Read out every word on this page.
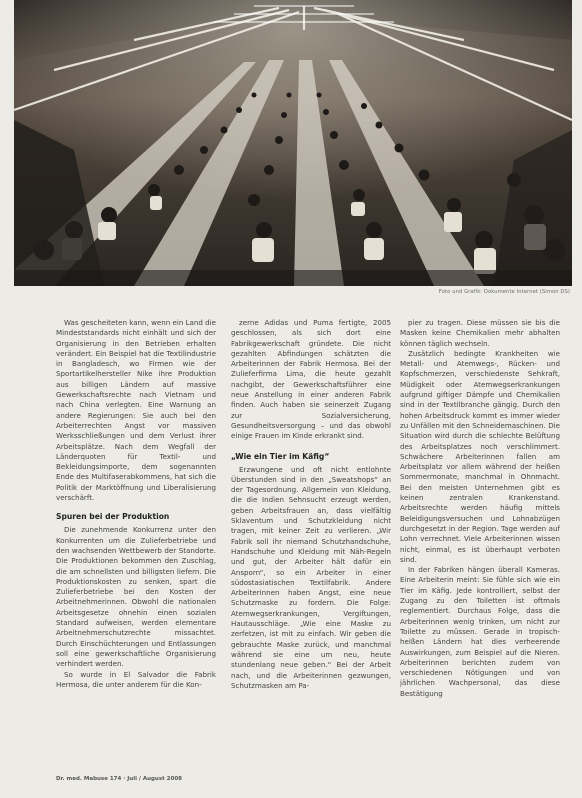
Foto und Grafik: Dokumente Internet (Simon DS)

Was gescheiteten kann, wenn ein Land die Mindeststandards nicht einhält und sich der Organisierung in den Betrieben erhalten verändert. Ein Beispiel hat die Textilindustrie in Bangladesch, wo Firmen wie der Sportartikelhersteller Nike ihre Produktion aus billigen Ländern auf massive Gewerkschaftsrechte nach Vietnam und nach China verlegten. Eine Warnung an andere Regierungen: Sie auch bei den Arbeiterrechten Angst vor massiven Werksschließungen und dem Verlust ihrer Arbeitsplätze. Nach dem Wegfall der Länderquoten für Textil- und Bekleidungsimporte, dem sogenannten Ende des Multifaserabkommens, hat sich die Politik der Marktöffnung und Liberalisierung verschärft.

Spuren bei der Produktion

Die zunehmende Konkurrenz unter den Konkurrenten um die Zulieferbetriebe und den wachsenden Wettbewerb der Standorte. Die Produktionen bekommen den Zuschlag, die am schnellsten und billigsten liefern. Die Produktionskosten zu senken, spart die Zulieferbetriebe bei den Kosten der Arbeitnehmerinnen. Obwohl die nationalen Arbeitsgesetze ohnehin einen sozialen Standard aufweisen, werden elementare Arbeitnehmerschutzrechte missachtet. Durch Einschüchterungen und Entlassungen soll eine gewerkschaftliche Organisierung verhindert werden.

So wurde in El Salvador die Fabrik Hermosa, die unter anderem für die Kon-

zerne Adidas und Puma fertigte, 2005 geschlossen, als sich dort eine Fabrikgewerkschaft gründete. Die nicht gezahlten Abfindungen schätzten die Arbeiterinnen der Fabrik Hermosa. Bei der Zulieferfirma Lima, die heute gezahlt nachgibt, der Gewerkschaftsführer eine neue Anstellung in einer anderen Fabrik finden. Auch haben sie seinerzeit Zugang zur Sozialversicherung, Gesundheitsversorgung – und das obwohl einige Frauen im Kinde erkrankt sind.

„Wie ein Tier im Käfig“

Erzwungene und oft nicht entlohnte Überstunden sind in den „Sweatshops“ an der Tagesordnung. Allgemein von Kleidung, die die Indien Sehnsucht erzeugt werden, geben Arbeitsfrauen an, dass vielfältig Sklaventum und Schutzkleidung nicht tragen, mit keiner Zeit zu verlieren. „Wir Fabrik soll ihr niemand Schutzhandschuhe, Handschuhe und Kleidung mit Näh-Regeln und gut, der Arbeiter hält dafür ein Ansporn“, so ein Arbeiter in einer südostasiatischen Textilfabrik. Andere Arbeiterinnen haben Angst, eine neue Schutzmaske zu fordern. Die Folge: Atemwegserkrankungen, Vergiftungen, Hautausschläge. „Wie eine Maske zu zerfetzen, ist mit zu einfach. Wir geben die gebrauchte Maske zurück, und manchmal während sie eine um neu, heute stundenlang neue geben.“ Bei der Arbeit nach, und die Arbeiterinnen gezwungen, Schutzmasken am Pa-

pier zu tragen. Diese müssen sie bis die Masken keine Chemikalien mehr abhalten können täglich wechseln.

Zusätzlich bedingte Krankheiten wie Metall- und Atemwegs-, Rücken- und Kopfschmerzen, verschiedenste Sehkraft, Müdigkeit oder Atemwegserkrankungen aufgrund giftiger Dämpfe und Chemikalien sind in der Textilbranche gängig. Durch den hohen Arbeitsdruck kommt es immer wieder zu Unfällen mit den Schneidemaschinen. Die Situation wird durch die schlechte Belüftung des Arbeitsplatzes noch verschlimmert. Schwächere Arbeiterinnen fallen am Arbeitsplatz vor allem während der heißen Sommermonate, manchmal in Ohnmacht. Bei den meisten Unternehmen gibt es keinen zentralen Krankenstand. Arbeitsrechte werden häufig mittels Beleidigungsversuchen und Lohnabzügen durchgesetzt in der Region. Tage werden auf Lohn verrechnet. Viele Arbeiterinnen wissen nicht, einmal, es ist überhaupt verboten sind.

In der Fabriken hängen überall Kameras. Eine Arbeiterin meint: Sie fühle sich wie ein Tier im Käfig. Jede kontrolliert, selbst der Zugang zu den Toiletten ist oftmals reglementiert. Durchaus Folge, dass die Arbeiterinnen wenig trinken, um nicht zur Toilette zu müssen. Gerade in tropisch-heißen Ländern hat dies verheerende Auswirkungen, zum Beispiel auf die Nieren. Arbeiterinnen berichten zudem von verschiedenen Nötigungen und von jährlichen Wachpersonal, das diese Bestätigung

Dr. med. Mabuse 174 · Juli / August 2008
